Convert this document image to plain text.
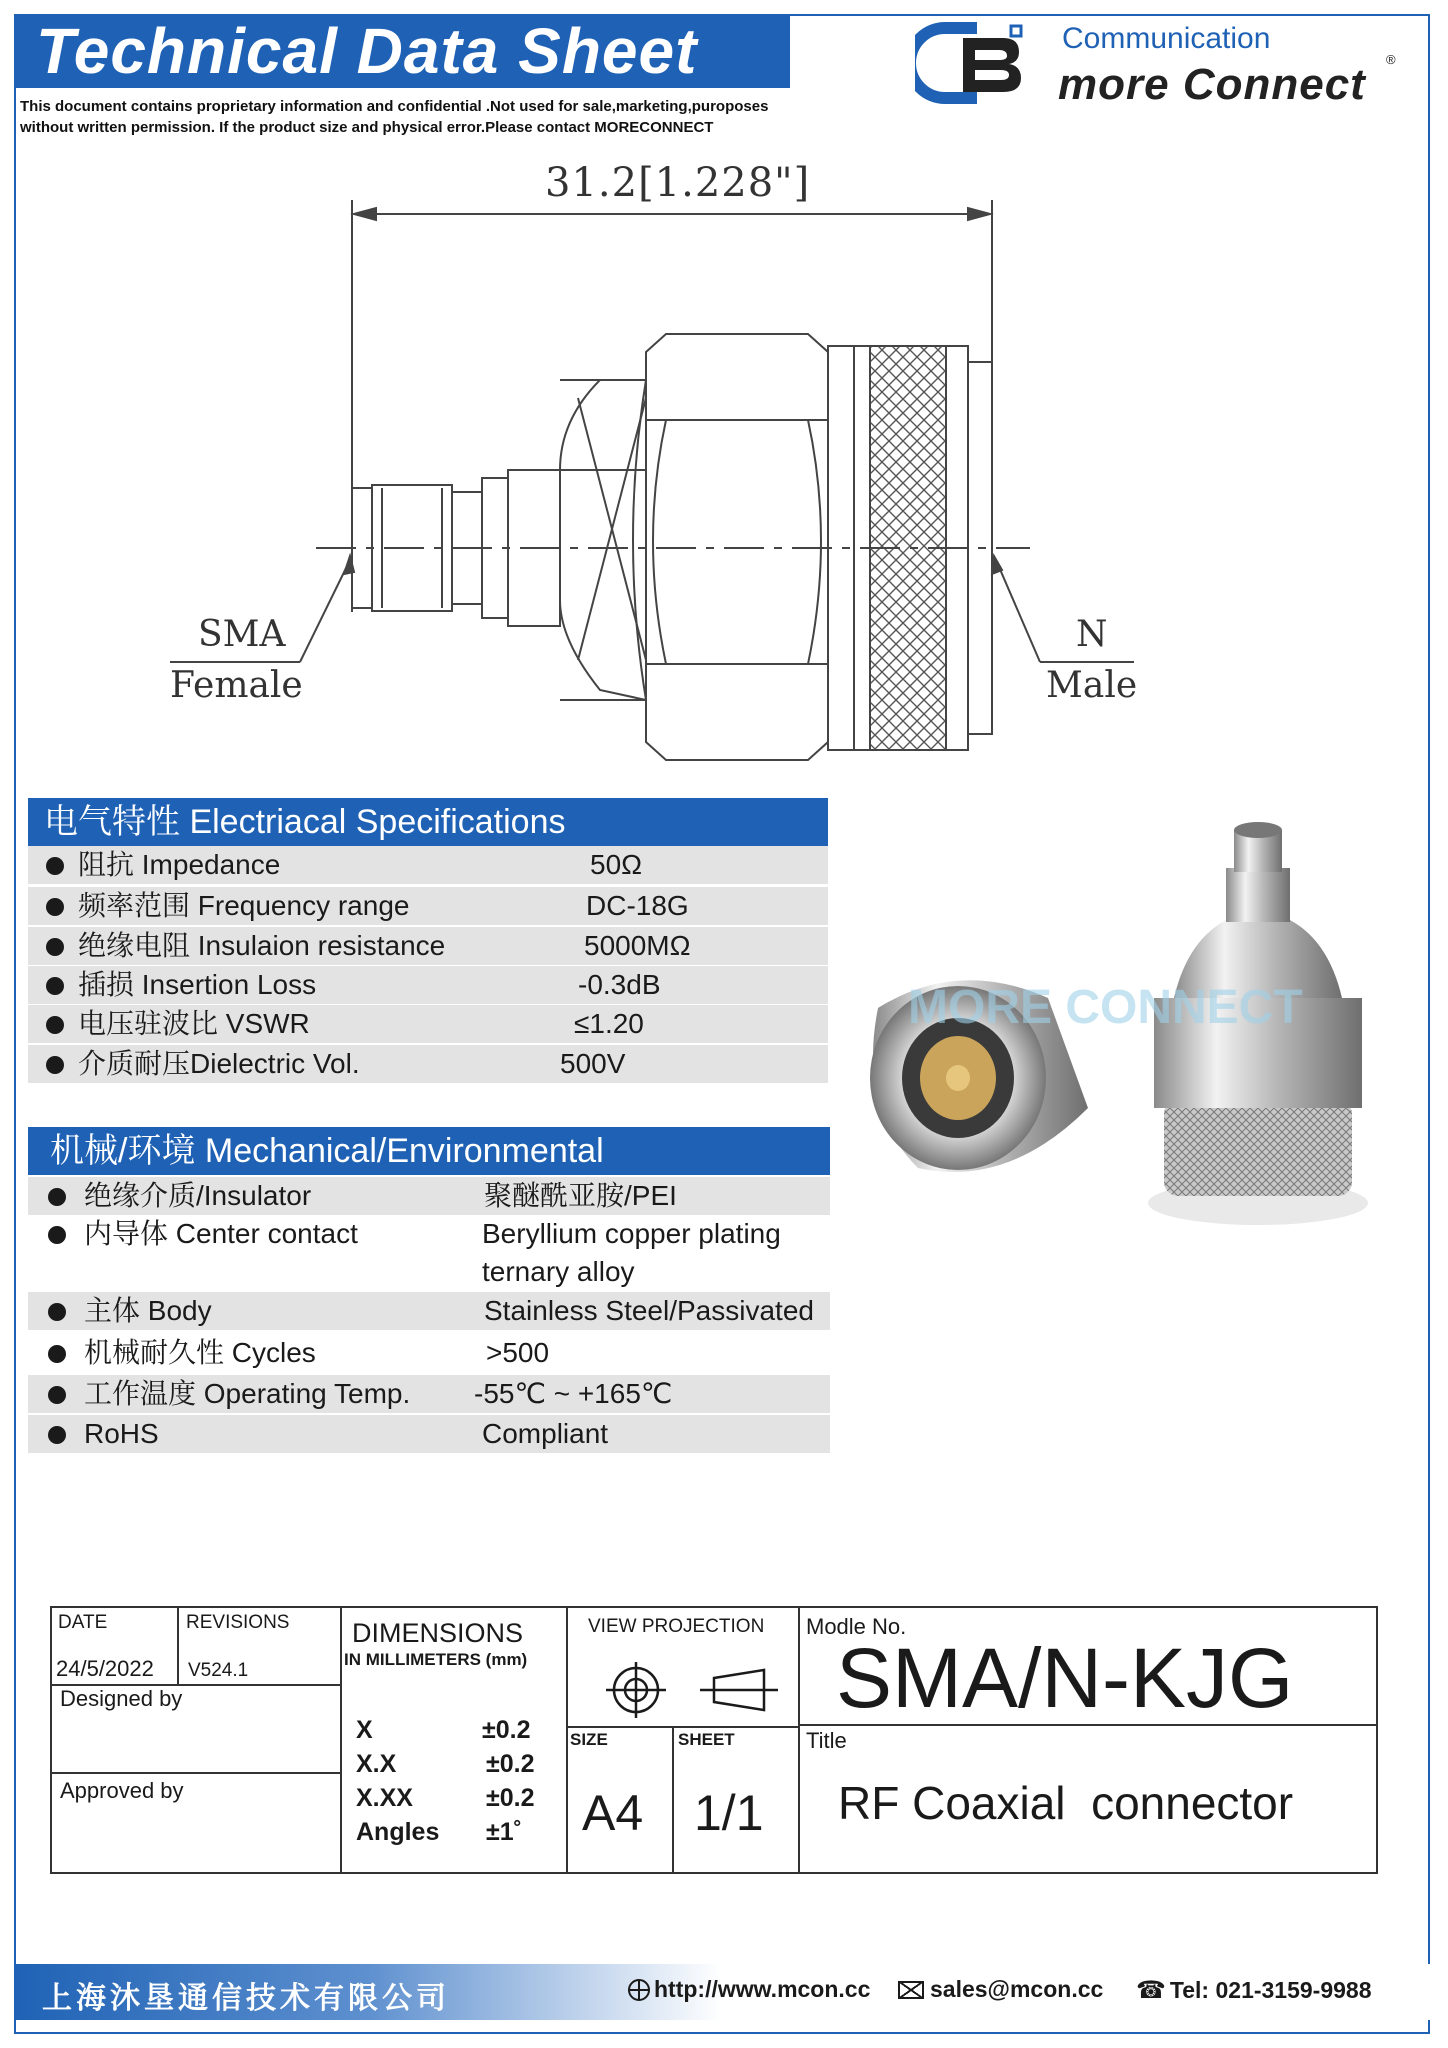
Technical Data Sheet
This document contains proprietary information and confidential .Not used for sale,marketing,puroposes
without written permission. If the product size and physical error.Please contact MORECONNECT
Communication
more Connect
®
31.2[1.228"]
SMA
Female
N
Male
电气特性 Electriacal Specifications
阻抗 Impedance	50Ω
频率范围 Frequency range	DC-18G
绝缘电阻 Insulaion resistance	5000MΩ
插损 Insertion Loss	-0.3dB
电压驻波比 VSWR	≤1.20
介质耐压Dielectric Vol.	500V
机械/环境 Mechanical/Environmental
绝缘介质/Insulator	聚醚酰亚胺/PEI
内导体 Center contact	Beryllium copper plating
ternary alloy
主体 Body	Stainless Steel/Passivated
机械耐久性 Cycles	>500
工作温度 Operating Temp. -55℃ ~ +165℃
RoHS	Compliant
MORE CONNECT
DATE
24/5/2022
REVISIONS
V524.1
Designed by
Approved by
DIMENSIONS
IN MILLIMETERS (mm)
X	±0.2
X.X	±0.2
X.XX	±0.2
Angles ±1˚
VIEW PROJECTION
SIZE
A4
SHEET
1/1
Modle No.
SMA/N-KJG
Title
RF Coaxial  connector
上海沐垦通信技术有限公司	http://www.mcon.cc	sales@mcon.cc ☎ Tel: 021-3159-9988
